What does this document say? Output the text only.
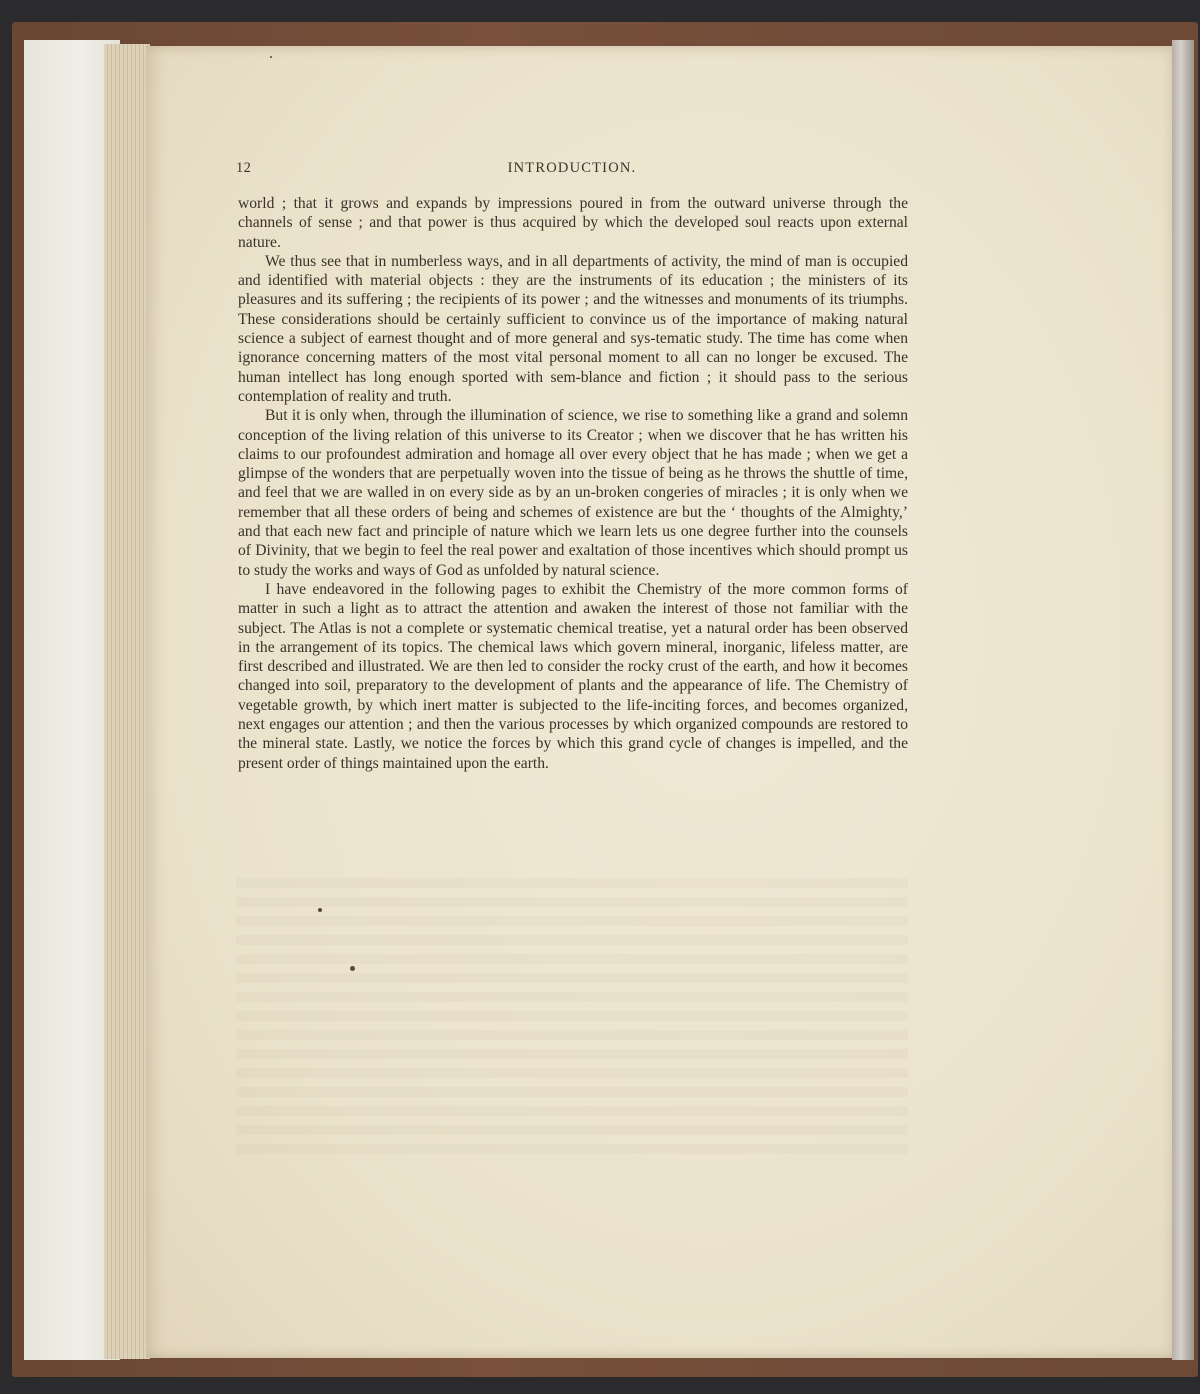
12	INTRODUCTION.

world ; that it grows and expands by impressions poured in from the outward universe through the channels of sense ; and that power is thus acquired by which the developed soul reacts upon external nature.

We thus see that in numberless ways, and in all departments of activity, the mind of man is occupied and identified with material objects : they are the instruments of its education ; the ministers of its pleasures and its suffering ; the recipients of its power ; and the witnesses and monuments of its triumphs. These considerations should be certainly sufficient to convince us of the importance of making natural science a subject of earnest thought and of more general and sys-tematic study. The time has come when ignorance concerning matters of the most vital personal moment to all can no longer be excused. The human intellect has long enough sported with sem-blance and fiction ; it should pass to the serious contemplation of reality and truth.

But it is only when, through the illumination of science, we rise to something like a grand and solemn conception of the living relation of this universe to its Creator ; when we discover that he has written his claims to our profoundest admiration and homage all over every object that he has made ; when we get a glimpse of the wonders that are perpetually woven into the tissue of being as he throws the shuttle of time, and feel that we are walled in on every side as by an un-broken congeries of miracles ; it is only when we remember that all these orders of being and schemes of existence are but the ‘ thoughts of the Almighty,’ and that each new fact and principle of nature which we learn lets us one degree further into the counsels of Divinity, that we begin to feel the real power and exaltation of those incentives which should prompt us to study the works and ways of God as unfolded by natural science.

I have endeavored in the following pages to exhibit the Chemistry of the more common forms of matter in such a light as to attract the attention and awaken the interest of those not familiar with the subject. The Atlas is not a complete or systematic chemical treatise, yet a natural order has been observed in the arrangement of its topics. The chemical laws which govern mineral, inorganic, lifeless matter, are first described and illustrated. We are then led to consider the rocky crust of the earth, and how it becomes changed into soil, preparatory to the development of plants and the appearance of life. The Chemistry of vegetable growth, by which inert matter is subjected to the life-inciting forces, and becomes organized, next engages our attention ; and then the various processes by which organized compounds are restored to the mineral state. Lastly, we notice the forces by which this grand cycle of changes is impelled, and the present order of things maintained upon the earth.
